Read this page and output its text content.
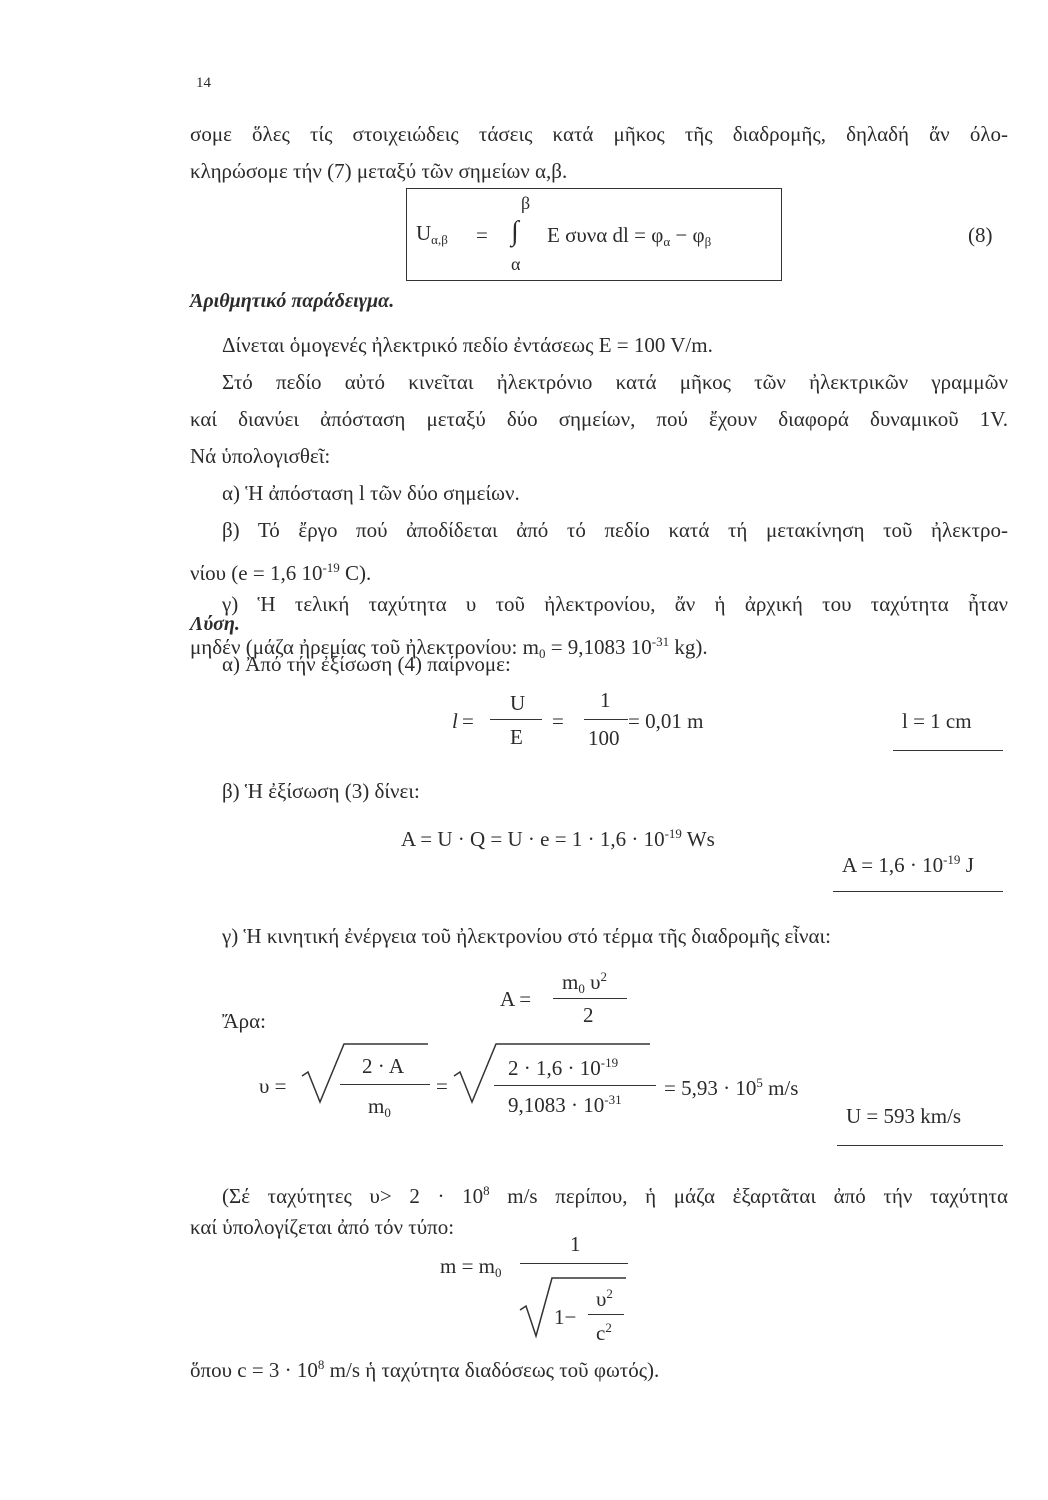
14
σομε ὅλες τίς στοιχειώδεις τάσεις κατά μῆκος τῆς διαδρομῆς, δηλαδή ἄν όλο-
κληρώσομε τήν (7) μεταξύ τῶν σημείων α,β.
$U_{\alpha,\beta}$ =
β
∫
α
E συνα dl = $\varphi_\alpha - \varphi_\beta$	(8)
Ἀριθμητικό παράδειγμα.
Δίνεται ὁμογενές ἠλεκτρικό πεδίο ἐντάσεως E = 100 V/m.
Στό πεδίο αὐτό κινεῖται ἠλεκτρόνιο κατά μῆκος τῶν ἠλεκτρικῶν γραμμῶν
καί διανύει ἀπόσταση μεταξύ δύο σημείων, πού ἔχουν διαφορά δυναμικοῦ 1V.
Νά ὑπολογισθεῖ:
α) Ἡ ἀπόσταση l τῶν δύο σημείων.
β) Τό ἔργο πού ἀποδίδεται ἀπό τό πεδίο κατά τή μετακίνηση τοῦ ἠλεκτρο-
νίου (e = 1,6 $10^{-19}$ C).
γ) Ἡ τελική ταχύτητα υ τοῦ ἠλεκτρονίου, ἄν ἡ ἀρχική του ταχύτητα ἦταν
μηδέν (μάζα ἠρεμίας τοῦ ἠλεκτρονίου: $m_0 = 9,1083$ $10^{-31}$ kg).
Λύση.
α) Ἀπό τήν ἐξίσωση (4) παίρνομε:
l =
U
E
=
1
100
= 0,01 m	l = 1 cm
β) Ἡ ἐξίσωση (3) δίνει:
$A = U \cdot Q = U \cdot e = 1 \cdot 1,6 \cdot 10^{-19}$ Ws
$A = 1,6 \cdot 10^{-19}$ J
γ) Ἡ κινητική ἐνέργεια τοῦ ἠλεκτρονίου στό τέρμα τῆς διαδρομῆς εἶναι:
A =
$m_0$ $\upsilon^2$
2
Ἄρα:
υ =
2 · A
$m_0$
=
$2 \cdot 1,6 \cdot 10^{-19}$
$9,1083 \cdot 10^{-31} = 5,93 \cdot 10^5$ m/s
U = 593 km/s
(Σέ ταχύτητες $\upsilon> 2 \cdot 10^8$ m/s περίπου, ἡ μάζα ἐξαρτᾶται ἀπό τήν ταχύτητα
καί ὑπολογίζεται ἀπό τόν τύπο:
$m = m_0$
1
1−
$\upsilon^2$
$c^2$
ὅπου $c = 3 \cdot 10^8$ m/s ἡ ταχύτητα διαδόσεως τοῦ φωτός).
